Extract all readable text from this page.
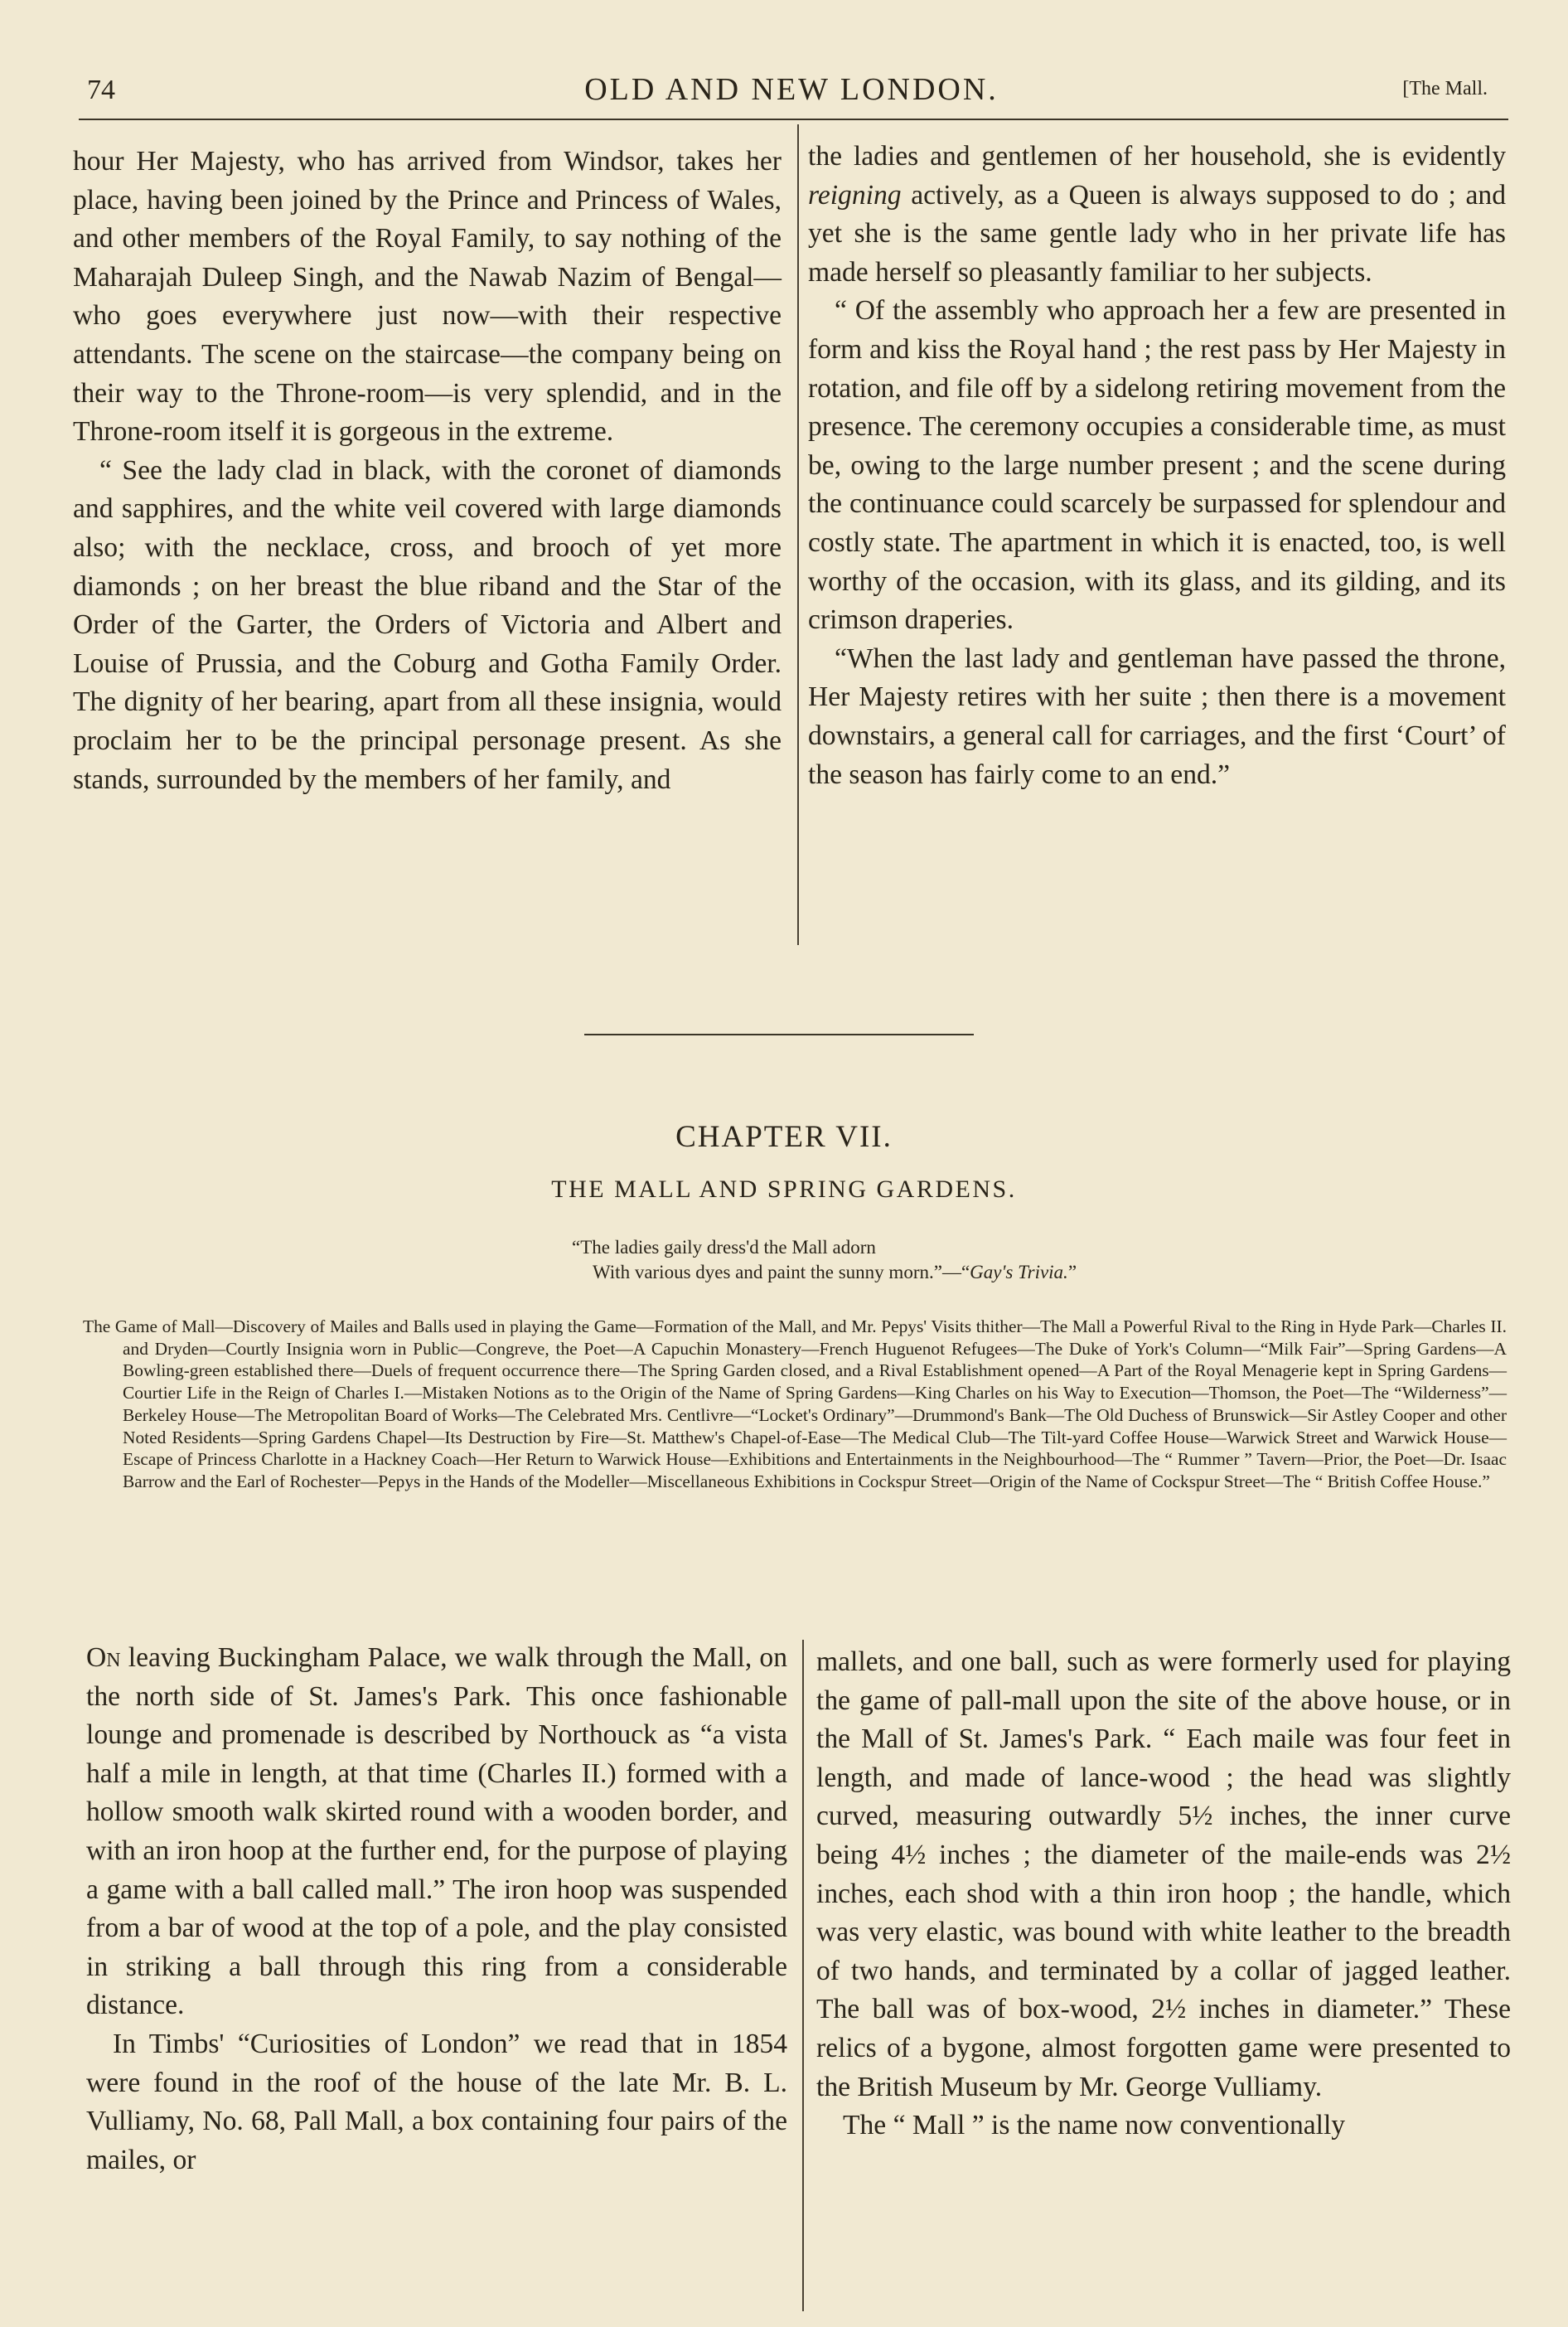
74	OLD AND NEW LONDON.	[The Mall.

hour Her Majesty, who has arrived from Windsor, takes her place, having been joined by the Prince and Princess of Wales, and other members of the Royal Family, to say nothing of the Maharajah Duleep Singh, and the Nawab Nazim of Bengal—who goes everywhere just now—with their respective attendants. The scene on the staircase—the company being on their way to the Throne-room—is very splendid, and in the Throne-room itself it is gorgeous in the extreme.

“ See the lady clad in black, with the coronet of diamonds and sapphires, and the white veil covered with large diamonds also; with the necklace, cross, and brooch of yet more diamonds ; on her breast the blue riband and the Star of the Order of the Garter, the Orders of Victoria and Albert and Louise of Prussia, and the Coburg and Gotha Family Order. The dignity of her bearing, apart from all these insignia, would proclaim her to be the principal personage present. As she stands, surrounded by the members of her family, and

the ladies and gentlemen of her household, she is evidently reigning actively, as a Queen is always supposed to do ; and yet she is the same gentle lady who in her private life has made herself so pleasantly familiar to her subjects.

“ Of the assembly who approach her a few are presented in form and kiss the Royal hand ; the rest pass by Her Majesty in rotation, and file off by a sidelong retiring movement from the presence. The ceremony occupies a considerable time, as must be, owing to the large number present ; and the scene during the continuance could scarcely be surpassed for splendour and costly state. The apartment in which it is enacted, too, is well worthy of the occasion, with its glass, and its gilding, and its crimson draperies.

“When the last lady and gentleman have passed the throne, Her Majesty retires with her suite ; then there is a movement downstairs, a general call for carriages, and the first ‘Court’ of the season has fairly come to an end.”

CHAPTER VII.
THE MALL AND SPRING GARDENS.
“The ladies gaily dress'd the Mall adorn
With various dyes and paint the sunny morn.”—“Gay's Trivia.”
The Game of Mall—Discovery of Mailes and Balls used in playing the Game—Formation of the Mall, and Mr. Pepys' Visits thither—The Mall a Powerful Rival to the Ring in Hyde Park—Charles II. and Dryden—Courtly Insignia worn in Public—Congreve, the Poet—A Capuchin Monastery—French Huguenot Refugees—The Duke of York's Column—“Milk Fair”—Spring Gardens—A Bowling-green established there—Duels of frequent occurrence there—The Spring Garden closed, and a Rival Establishment opened—A Part of the Royal Menagerie kept in Spring Gardens—Courtier Life in the Reign of Charles I.—Mistaken Notions as to the Origin of the Name of Spring Gardens—King Charles on his Way to Execution—Thomson, the Poet—The “Wilderness”—Berkeley House—The Metropolitan Board of Works—The Celebrated Mrs. Centlivre—“Locket's Ordinary”—Drummond's Bank—The Old Duchess of Brunswick—Sir Astley Cooper and other Noted Residents—Spring Gardens Chapel—Its Destruction by Fire—St. Matthew's Chapel-of-Ease—The Medical Club—The Tilt-yard Coffee House—Warwick Street and Warwick House—Escape of Princess Charlotte in a Hackney Coach—Her Return to Warwick House—Exhibitions and Entertainments in the Neighbourhood—The “ Rummer ” Tavern—Prior, the Poet—Dr. Isaac Barrow and the Earl of Rochester—Pepys in the Hands of the Modeller—Miscellaneous Exhibitions in Cockspur Street—Origin of the Name of Cockspur Street—The “ British Coffee House.”

On leaving Buckingham Palace, we walk through the Mall, on the north side of St. James's Park. This once fashionable lounge and promenade is described by Northouck as “a vista half a mile in length, at that time (Charles II.) formed with a hollow smooth walk skirted round with a wooden border, and with an iron hoop at the further end, for the purpose of playing a game with a ball called mall.” The iron hoop was suspended from a bar of wood at the top of a pole, and the play consisted in striking a ball through this ring from a considerable distance.

In Timbs' “Curiosities of London” we read that in 1854 were found in the roof of the house of the late Mr. B. L. Vulliamy, No. 68, Pall Mall, a box containing four pairs of the mailes, or

mallets, and one ball, such as were formerly used for playing the game of pall-mall upon the site of the above house, or in the Mall of St. James's Park. “ Each maile was four feet in length, and made of lance-wood ; the head was slightly curved, measuring outwardly 5½ inches, the inner curve being 4½ inches ; the diameter of the maile-ends was 2½ inches, each shod with a thin iron hoop ; the handle, which was very elastic, was bound with white leather to the breadth of two hands, and terminated by a collar of jagged leather. The ball was of box-wood, 2½ inches in diameter.” These relics of a bygone, almost forgotten game were presented to the British Museum by Mr. George Vulliamy.

The “ Mall ” is the name now conventionally
